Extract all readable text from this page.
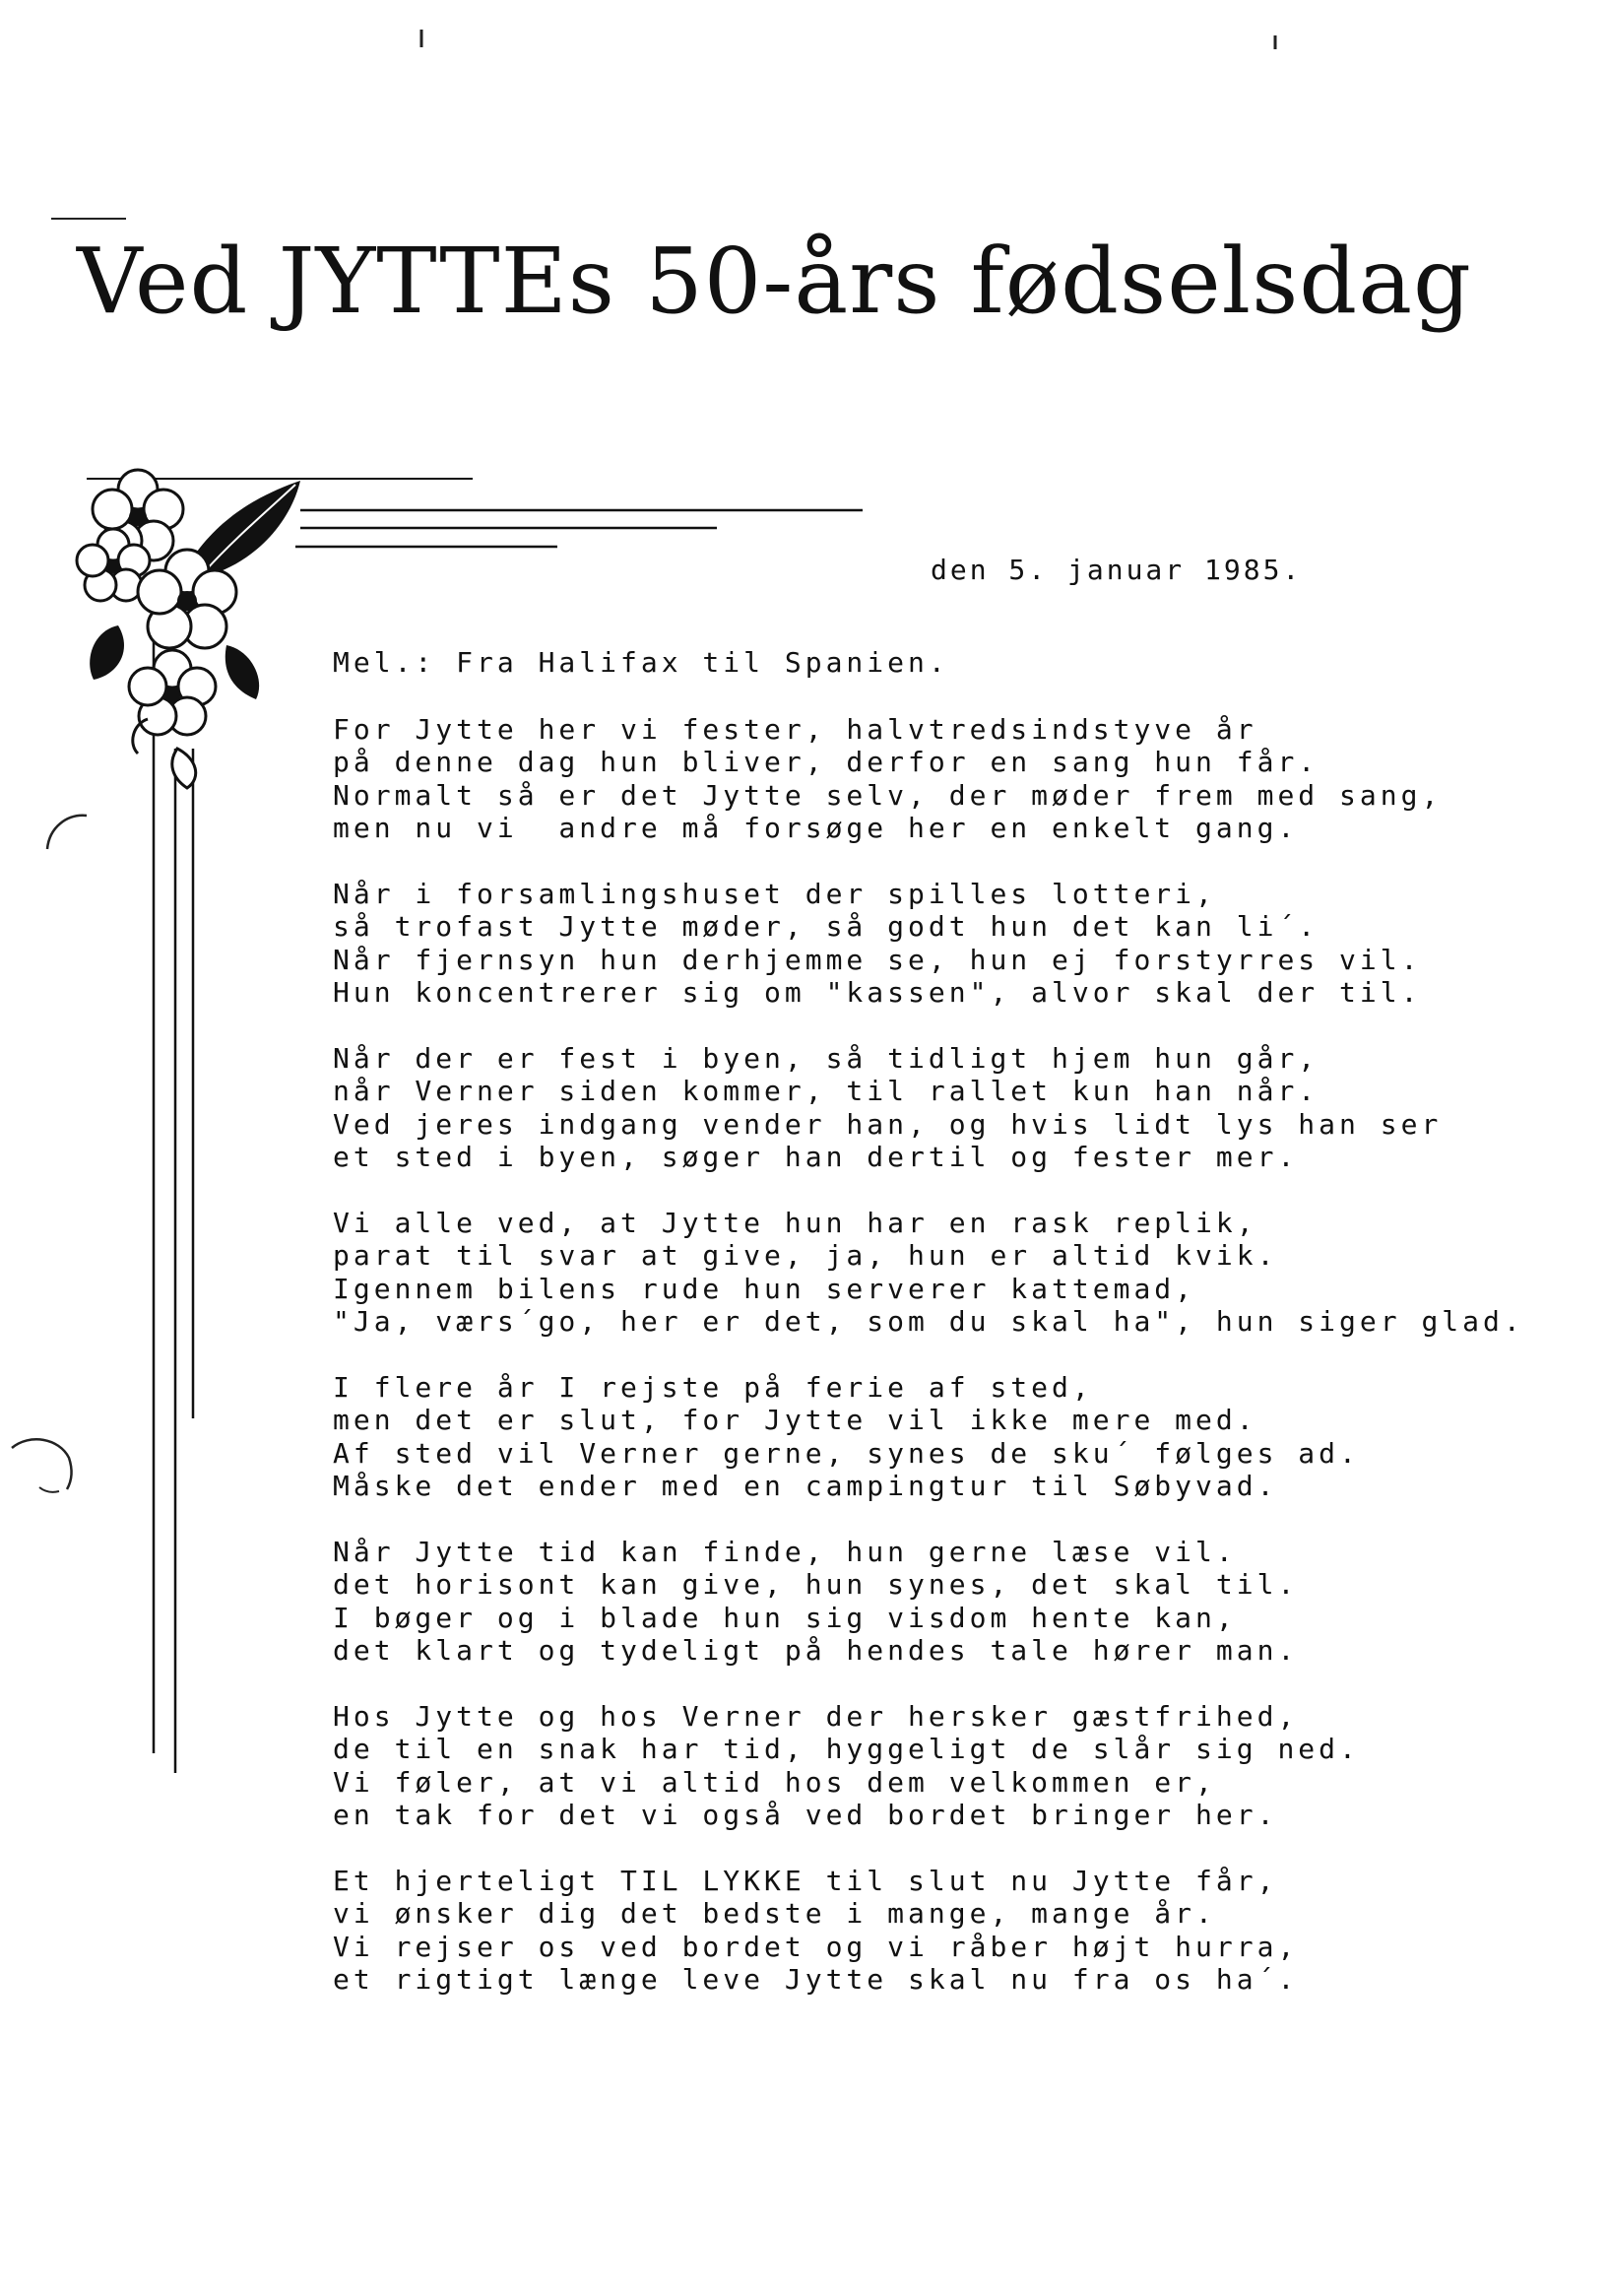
Ved JYTTEs 50-års fødselsdag
den 5. januar 1985.

Mel.: Fra Halifax til Spanien.

For Jytte her vi fester, halvtredsindstyve år
på denne dag hun bliver, derfor en sang hun får.
Normalt så er det Jytte selv, der møder frem med sang,
men nu vi  andre må forsøge her en enkelt gang.
Når i forsamlingshuset der spilles lotteri,
så trofast Jytte møder, så godt hun det kan li´.
Når fjernsyn hun derhjemme se, hun ej forstyrres vil.
Hun koncentrerer sig om "kassen", alvor skal der til.
Når der er fest i byen, så tidligt hjem hun går,
når Verner siden kommer, til rallet kun han når.
Ved jeres indgang vender han, og hvis lidt lys han ser
et sted i byen, søger han dertil og fester mer.
Vi alle ved, at Jytte hun har en rask replik,
parat til svar at give, ja, hun er altid kvik.
Igennem bilens rude hun serverer kattemad,
"Ja, værs´go, her er det, som du skal ha", hun siger glad.
I flere år I rejste på ferie af sted,
men det er slut, for Jytte vil ikke mere med.
Af sted vil Verner gerne, synes de sku´ følges ad.
Måske det ender med en campingtur til Søbyvad.
Når Jytte tid kan finde, hun gerne læse vil.
det horisont kan give, hun synes, det skal til.
I bøger og i blade hun sig visdom hente kan,
det klart og tydeligt på hendes tale hører man.
Hos Jytte og hos Verner der hersker gæstfrihed,
de til en snak har tid, hyggeligt de slår sig ned.
Vi føler, at vi altid hos dem velkommen er,
en tak for det vi også ved bordet bringer her.
Et hjerteligt TIL LYKKE til slut nu Jytte får,
vi ønsker dig det bedste i mange, mange år.
Vi rejser os ved bordet og vi råber højt hurra,
et rigtigt længe leve Jytte skal nu fra os ha´.
